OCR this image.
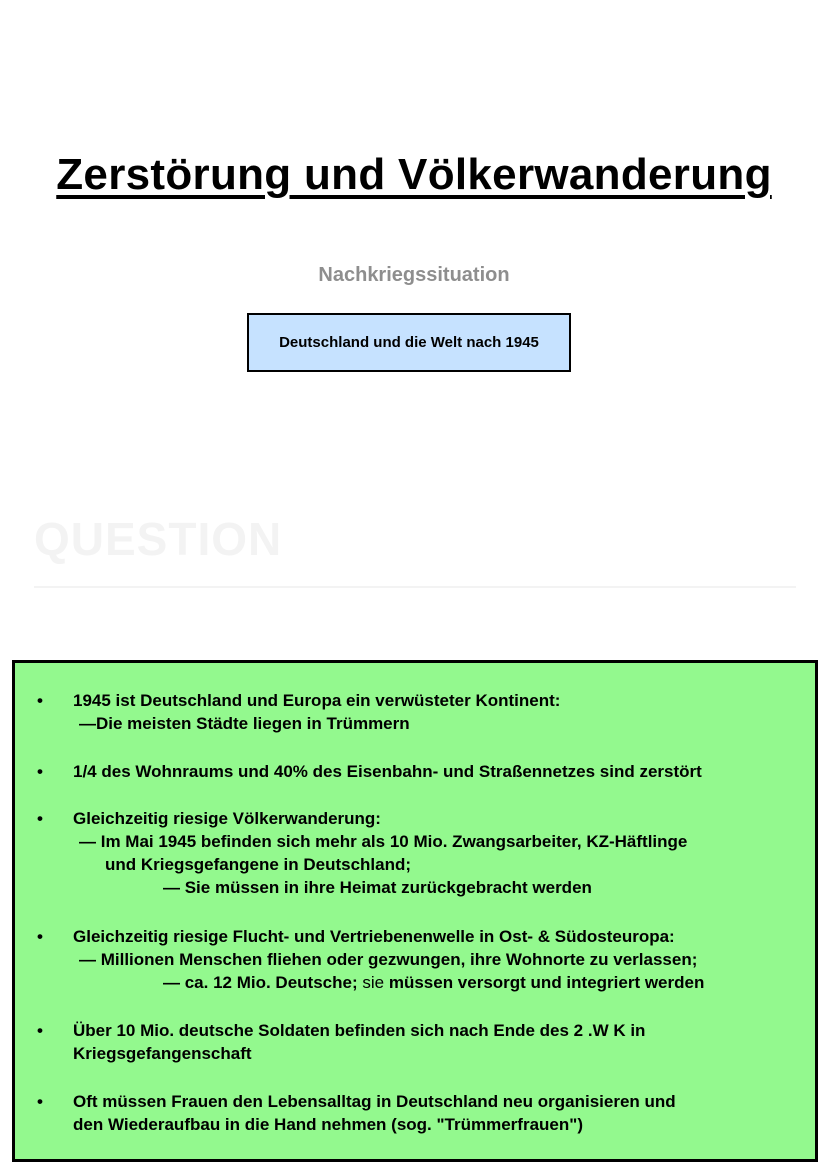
Zerstörung und Völkerwanderung
Nachkriegssituation
Deutschland und die Welt nach 1945
QUESTION
•	1945 ist Deutschland und Europa ein verwüsteter Kontinent:
—Die meisten Städte liegen in Trümmern
•	1/4 des Wohnraums und 40% des Eisenbahn- und Straßennetzes sind zerstört
•	Gleichzeitig riesige Völkerwanderung:
— Im Mai 1945 befinden sich mehr als 10 Mio. Zwangsarbeiter, KZ-Häftlinge
und Kriegsgefangene in Deutschland;
— Sie müssen in ihre Heimat zurückgebracht werden
•	Gleichzeitig riesige Flucht- und Vertriebenenwelle in Ost- & Südosteuropa:
— Millionen Menschen fliehen oder gezwungen, ihre Wohnorte zu verlassen;
— ca. 12 Mio. Deutsche; sie müssen versorgt und integriert werden
•	Über 10 Mio. deutsche Soldaten befinden sich nach Ende des 2 .W K in
Kriegsgefangenschaft
•	Oft müssen Frauen den Lebensalltag in Deutschland neu organisieren und
den Wiederaufbau in die Hand nehmen (sog. "Trümmerfrauen")
